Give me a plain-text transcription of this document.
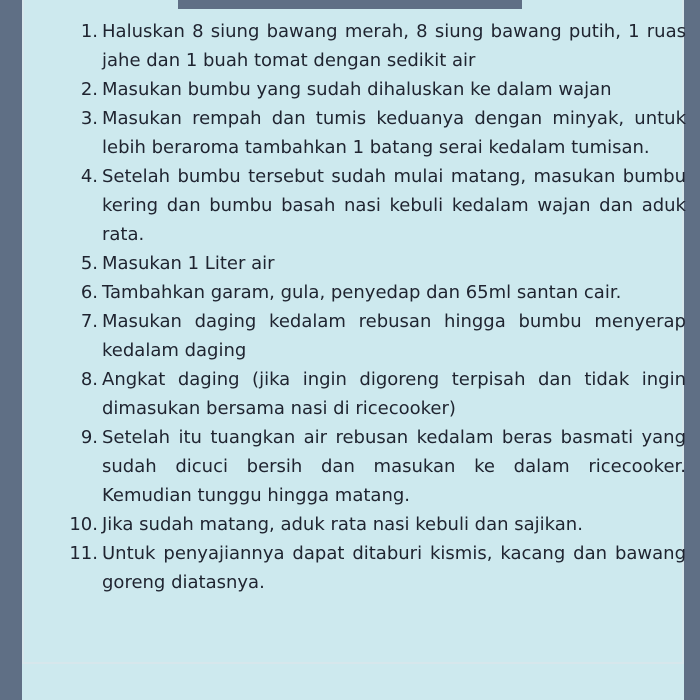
1. Haluskan 8 siung bawang merah, 8 siung bawang putih, 1 ruas jahe dan 1 buah tomat dengan sedikit air
2. Masukan bumbu yang sudah dihaluskan ke dalam wajan
3. Masukan rempah dan tumis keduanya dengan minyak, untuk lebih beraroma tambahkan 1 batang serai kedalam tumisan.
4. Setelah bumbu tersebut sudah mulai matang, masukan bumbu kering dan bumbu basah nasi kebuli kedalam wajan dan aduk rata.
5. Masukan 1 Liter air
6. Tambahkan garam, gula, penyedap dan 65ml santan cair.
7. Masukan daging kedalam rebusan hingga bumbu menyerap kedalam daging
8. Angkat daging (jika ingin digoreng terpisah dan tidak ingin dimasukan bersama nasi di ricecooker)
9. Setelah itu tuangkan air rebusan kedalam beras basmati yang sudah dicuci bersih dan masukan ke dalam ricecooker. Kemudian tunggu hingga matang.
10. Jika sudah matang, aduk rata nasi kebuli dan sajikan.
11. Untuk penyajiannya dapat ditaburi kismis, kacang dan bawang goreng diatasnya.
